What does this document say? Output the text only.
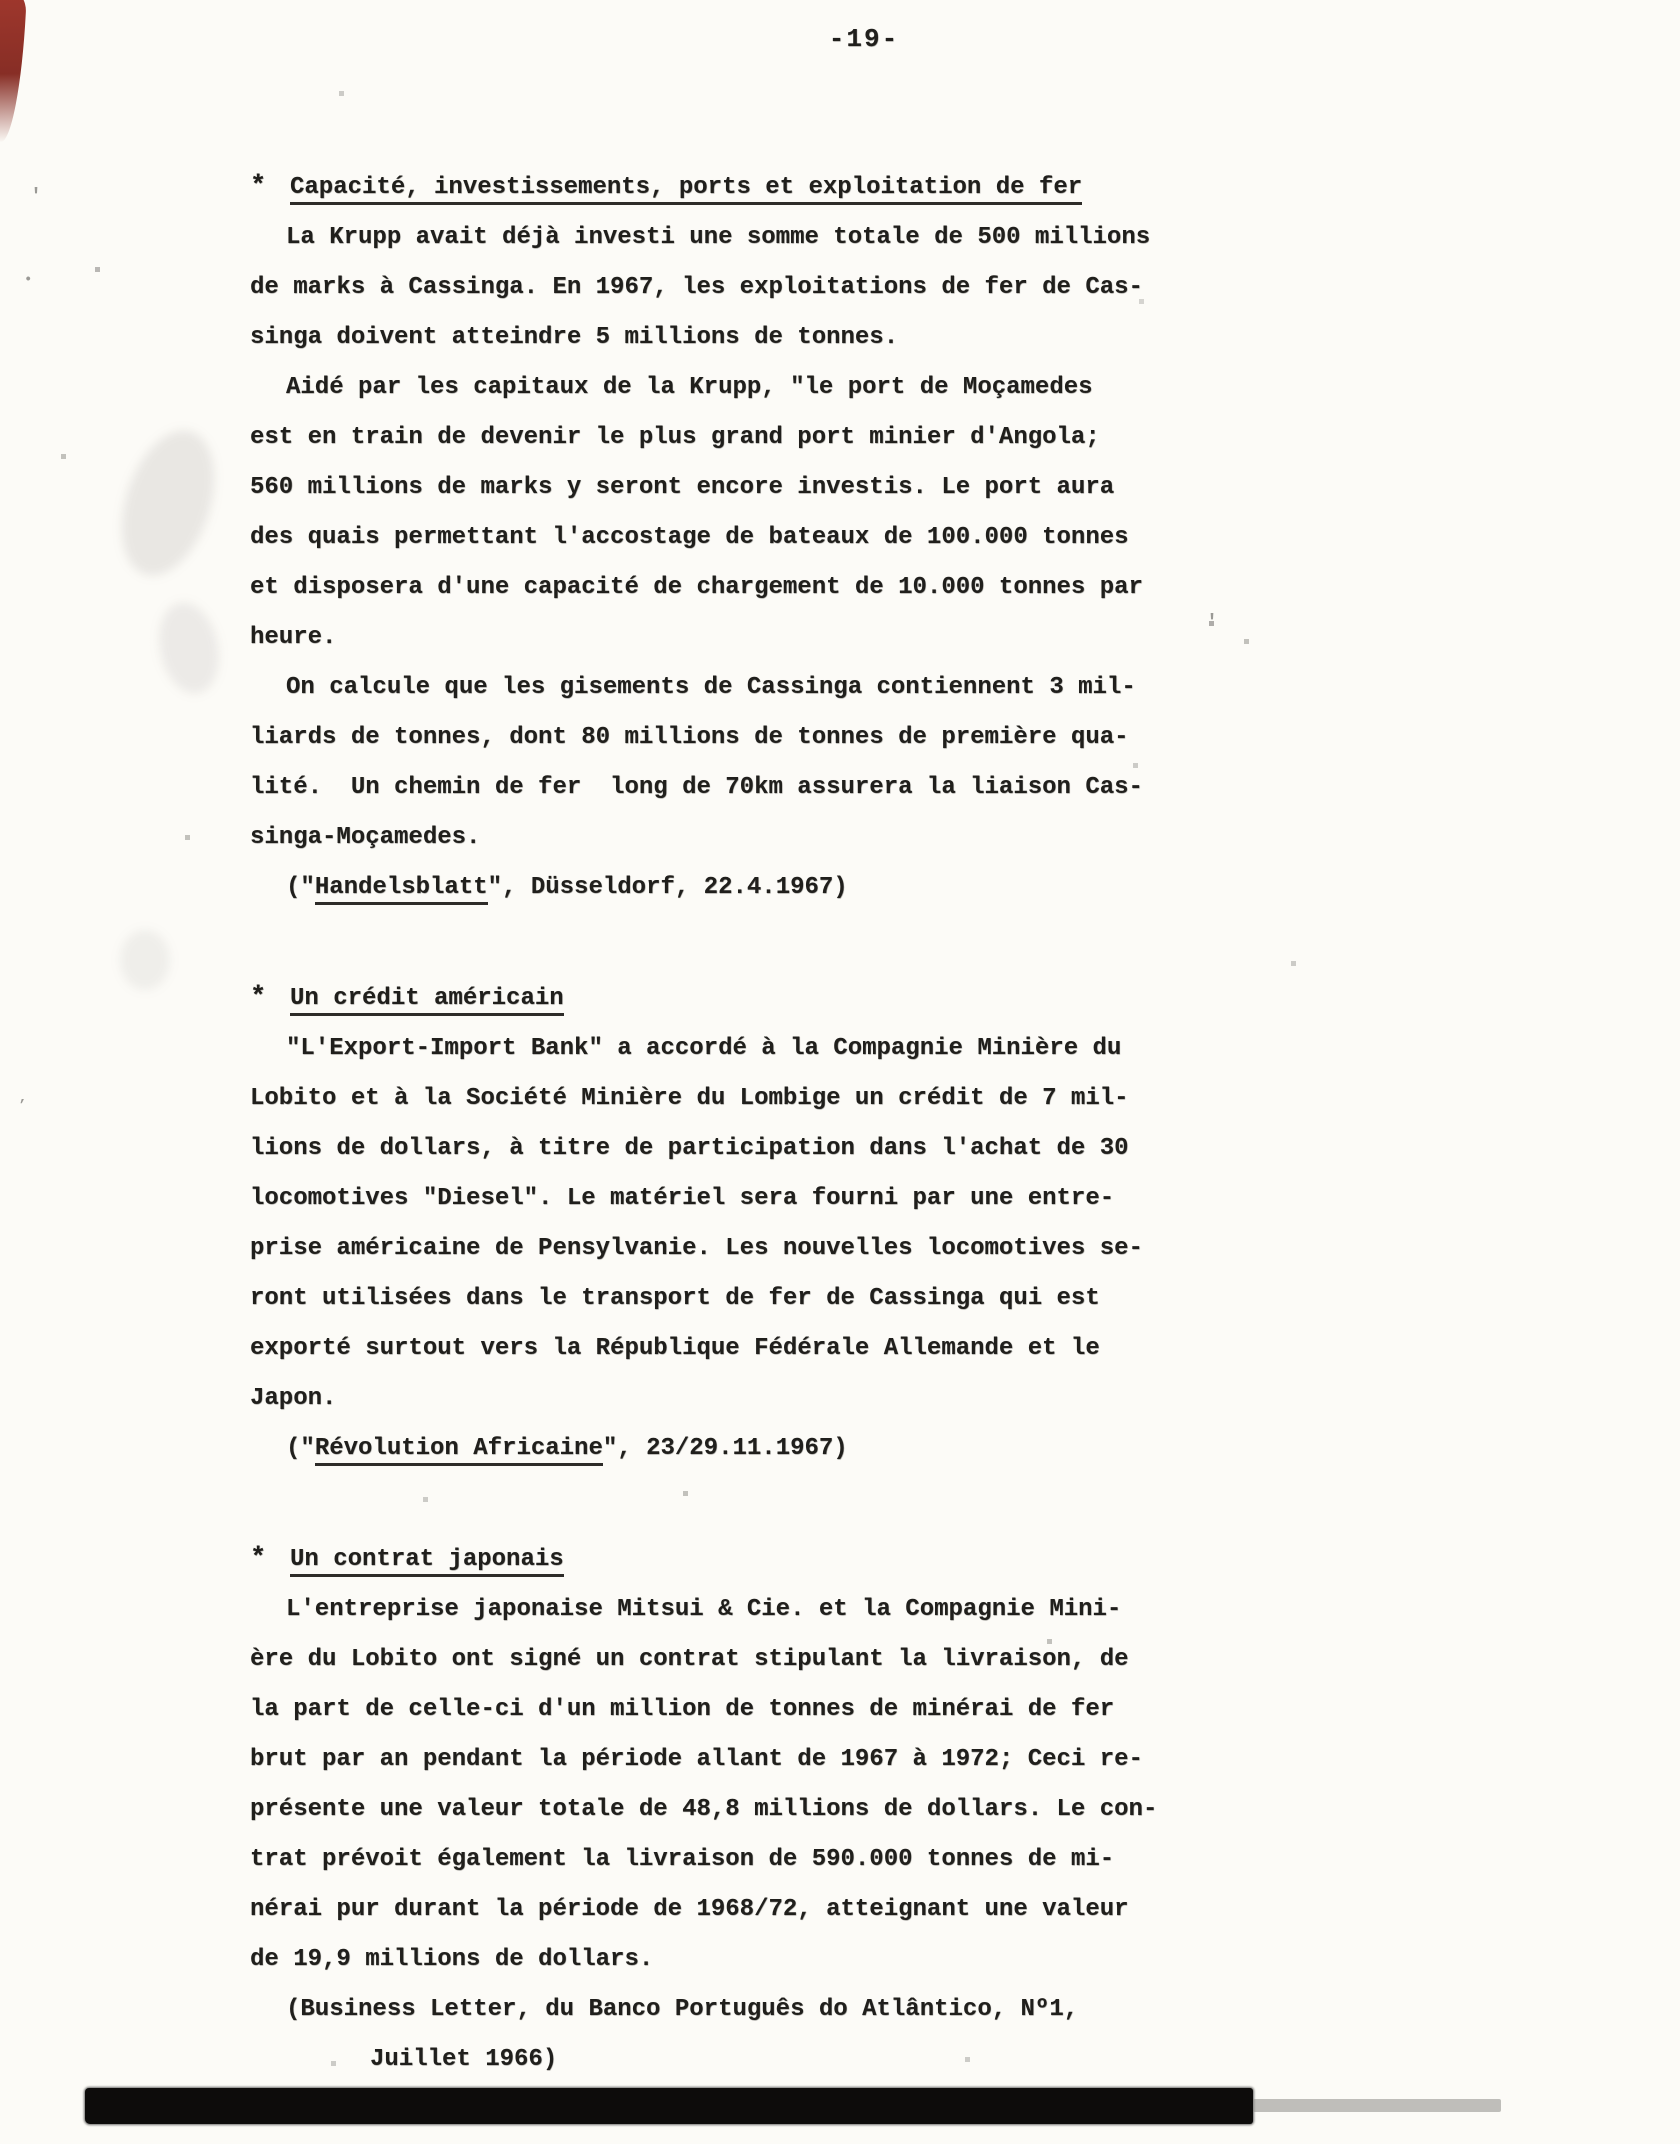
'
•
'
’
-19-
* Capacité, investissements, ports et exploitation de fer
La Krupp avait déjà investi une somme totale de 500 millions
de marks à Cassinga. En 1967, les exploitations de fer de Cas-
singa doivent atteindre 5 millions de tonnes.
Aidé par les capitaux de la Krupp, "le port de Moçamedes
est en train de devenir le plus grand port minier d'Angola;
560 millions de marks y seront encore investis. Le port aura
des quais permettant l'accostage de bateaux de 100.000 tonnes
et disposera d'une capacité de chargement de 10.000 tonnes par
heure.
On calcule que les gisements de Cassinga contiennent 3 mil-
liards de tonnes, dont 80 millions de tonnes de première qua-
lité.  Un chemin de fer  long de 70km assurera la liaison Cas-
singa-Moçamedes.
("Handelsblatt", Düsseldorf, 22.4.1967)
* Un crédit américain
"L'Export-Import Bank" a accordé à la Compagnie Minière du
Lobito et à la Société Minière du Lombige un crédit de 7 mil-
lions de dollars, à titre de participation dans l'achat de 30
locomotives "Diesel". Le matériel sera fourni par une entre-
prise américaine de Pensylvanie. Les nouvelles locomotives se-
ront utilisées dans le transport de fer de Cassinga qui est
exporté surtout vers la République Fédérale Allemande et le
Japon.
("Révolution Africaine", 23/29.11.1967)
* Un contrat japonais
L'entreprise japonaise Mitsui & Cie. et la Compagnie Mini-
ère du Lobito ont signé un contrat stipulant la livraison, de
la part de celle-ci d'un million de tonnes de minérai de fer
brut par an pendant la période allant de 1967 à 1972; Ceci re-
présente une valeur totale de 48,8 millions de dollars. Le con-
trat prévoit également la livraison de 590.000 tonnes de mi-
nérai pur durant la période de 1968/72, atteignant une valeur
de 19,9 millions de dollars.
(Business Letter, du Banco Português do Atlântico, Nº1,
Juillet 1966)
